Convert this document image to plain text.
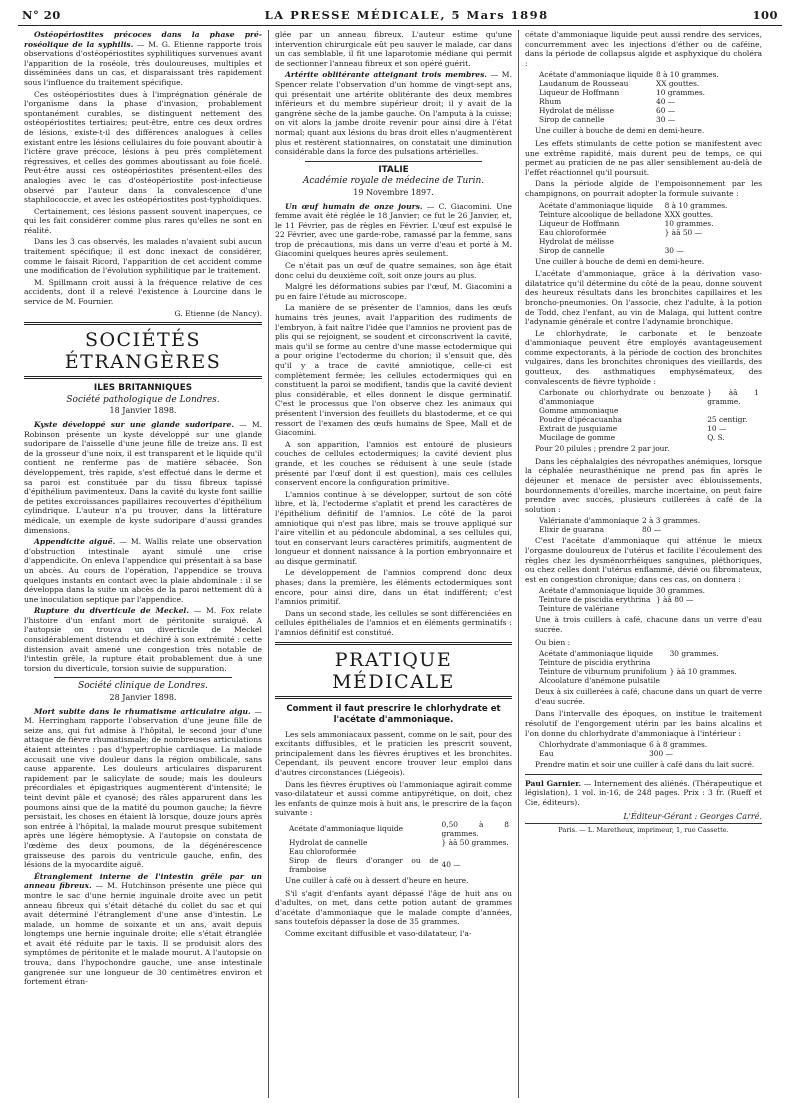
N° 20	LA PRESSE MÉDICALE, 5 Mars 1898	100

Ostéopériostites précoces dans la phase pré-roséolique de la syphilis. — M. G. Etienne rapporte trois observations d'ostéopériostites syphilitiques survenues avant l'apparition de la roséole, très douloureuses, multiples et disséminées dans un cas, et disparaissant très rapidement sous l'influence du traitement spécifique.

Ces ostéopériostites dues à l'imprégnation générale de l'organisme dans la phase d'invasion, probablement spontanément curables, se distinguent nettement des ostéopériostites tertiaires; peut-être, entre ces deux ordres de lésions, existe-t-il des différences analogues à celles existant entre les lésions cellulaires du foie pouvant aboutir à l'ictère grave précoce, lésions à peu près complètement régressives, et celles des gommes aboutissant au foie ficelé. Peut-être aussi ces ostéopériostites présentent-elles des analogies avec le cas d'ostéopériostite post-infectieuse observé par l'auteur dans la convalescence d'une staphilococcie, et avec les ostéopériostites post-typhoïdiques.

Certainement, ces lésions passent souvent inaperçues, ce qui les fait considérer comme plus rares qu'elles ne sont en réalité.

Dans les 3 cas observés, les malades n'avaient subi aucun traitement spécifique; il est donc inexact de considérer, comme le faisait Ricord, l'apparition de cet accident comme une modification de l'évolution syphilitique par le traitement.

M. Spillmann croit aussi à la fréquence relative de ces accidents, dont il a relevé l'existence à Lourcine dans le service de M. Fournier.

G. Etienne (de Nancy).

SOCIÉTÉS ÉTRANGÈRES
ILES BRITANNIQUES
Société pathologique de Londres.
18 Janvier 1898.

Kyste développé sur une glande sudoripare. — M. Robinson présente un kyste développé sur une glande sudoripare de l'aisselle d'une jeune fille de treize ans. Il est de la grosseur d'une noix, il est transparent et le liquide qu'il contient ne renferme pas de matière sébacée. Son développement, très rapide, s'est effectué dans le derme et sa paroi est constituée par du tissu fibreux tapissé d'épithélium pavimenteux. Dans la cavité du kyste font saillie de petites excroissances papillaires recouvertes d'épithélium cylindrique. L'auteur n'a pu trouver, dans la littérature médicale, un exemple de kyste sudoripare d'aussi grandes dimensions.

Appendicite aiguë. — M. Wallis relate une observation d'obstruction intestinale ayant simulé une crise d'appendicite. On enleva l'appendice qui présentait à sa base un abcès. Au cours de l'opération, l'appendice se trouva quelques instants en contact avec la plaie abdominale : il se développa dans la suite un abcès de la paroi nettement dû à une inoculation septique par l'appendice.

Rupture du diverticule de Meckel. — M. Fox relate l'histoire d'un enfant mort de péritonite suraiguë. A l'autopsie on trouva un diverticule de Meckel considérablement distendu et déchiré à son extrémité : cette distension avait amené une congestion très notable de l'intestin grêle, la rupture était probablement due à une torsion du diverticule, torsion suivie de suppuration.

Société clinique de Londres.
28 Janvier 1898.

Mort subite dans le rhumatisme articulaire aigu. — M. Herringham rapporte l'observation d'une jeune fille de seize ans, qui fut admise à l'hôpital, le second jour d'une attaque de fièvre rhumatismale; de nombreuses articulations étaient atteintes : pas d'hypertrophie cardiaque. La malade accusait une vive douleur dans la région ombilicale, sans cause apparente. Les douleurs articulaires disparurent rapidement par le salicylate de soude; mais les douleurs précordiales et épigastriques augmentèrent d'intensité; le teint devint pâle et cyanosé; des râles apparurent dans les poumons ainsi que de la matité du poumon gauche; la fièvre persistait, les choses en étaient là lorsque, douze jours après son entrée à l'hôpital, la malade mourut presque subitement après une légère hémoptysie. A l'autopsie on constata de l'œdème des deux poumons, de la dégénérescence graisseuse des parois du ventricule gauche, enfin, des lésions de la myocardite aiguë.

Étranglement interne de l'intestin grêle par un anneau fibreux. — M. Hutchinson présente une pièce qui montre le sac d'une hernie inguinale droite avec un petit anneau fibreux qui s'était détaché du collet du sac et qui avait déterminé l'étranglement d'une anse d'intestin. Le malade, un homme de soixante et un ans, avait depuis longtemps une hernie inguinale droite; elle s'était étranglée et avait été réduite par le taxis. Il se produisit alors des symptômes de péritonite et le malade mourut. A l'autopsie on trouva, dans l'hypochondre gauche, une anse intestinale gangrenée sur une longueur de 30 centimètres environ et fortement étran-

glée par un anneau fibreux. L'auteur estime qu'une intervention chirurgicale eût peu sauver le malade, car dans un cas semblable, il fit une laparotomie médiane qui permit de sectionner l'anneau fibreux et son opéré guérit.

Artérite oblitérante atteignant trois membres. — M. Spencer relate l'observation d'un homme de vingt-sept ans, qui présentait une artérite oblitérante des deux membres inférieurs et du membre supérieur droit; il y avait de la gangrène sèche de la jambe gauche. On l'amputa à la cuisse; on vit alors la jambe droite revenir pour ainsi dire à l'état normal; quant aux lésions du bras droit elles n'augmentèrent plus et restèrent stationnaires, on constatait une diminution considérable dans la force des pulsations artérielles.

ITALIE
Académie royale de médecine de Turin.
19 Novembre 1897.

Un œuf humain de onze jours. — C. Giacomini. Une femme avait été réglée le 18 Janvier; ce fut le 26 Janvier, et, le 11 Février, pas de règles en Février. L'œuf est expulsé le 22 Février, avec une garde-robe, ramassé par la femme, sans trop de précautions, mis dans un verre d'eau et porté à M. Giacomini quelques heures après seulement.

Ce n'était pas un œuf de quatre semaines, son âge était donc celui du deuxième coït, soit onze jours au plus.

Malgré les déformations subies par l'œuf, M. Giacomini a pu en faire l'étude au microscope.

La manière de se présenter de l'amnios, dans les œufs humains très jeunes, avait l'apparition des rudiments de l'embryon, à fait naître l'idée que l'amnios ne provient pas de plis qui se rejoignent, se soudent et circonscrivent la cavité, mais qu'il se forme au centre d'une masse ectodermique qui a pour origine l'ectoderme du chorion; il s'ensuit que, dès qu'il y a trace de cavité amniotique, celle-ci est complètement fermée; les cellules ectodermiques qui en constituent la paroi se modifient, tandis que la cavité devient plus considérable, et elles donnent le disque germinatif. C'est le processus que l'on observe chez les animaux qui présentent l'inversion des feuillets du blastoderme, et ce qui ressort de l'examen des œufs humains de Spee, Mall et de Giacomini.

A son apparition, l'amnios est entouré de plusieurs couches de cellules ectodermiques; la cavité devient plus grande, et les couches se réduisent à une seule (stade présenté par l'œuf dont il est question), mais ces cellules conservent encore la configuration primitive.

L'amnios continue à se développer, surtout de son côté libre, et là, l'ectoderme s'aplatit et prend les caractères de l'épithélium définitif de l'amnios. Le côté de la paroi amniotique qui n'est pas libre, mais se trouve appliqué sur l'aire vitellin et au pédoncule abdominal, a ses cellules qui, tout en conservant leurs caractères primitifs, augmentent de longueur et donnent naissance à la portion embryonnaire et au disque germinatif.

Le développement de l'amnios comprend donc deux phases; dans la première, les éléments ectodermiques sont encore, pour ainsi dire, dans un état indifférent; c'est l'amnios primitif.

Dans un second stade, les cellules se sont différenciées en cellules épithéliales de l'amnios et en éléments germinatifs : l'amnios définitif est constitué.

PRATIQUE MÉDICALE
Comment il faut prescrire le chlorhydrate et l'acétate d'ammoniaque.

Les sels ammoniacaux passent, comme on le sait, pour des excitants diffusibles, et le praticien les prescrit souvent, principalement dans les fièvres éruptives et les bronchites. Cependant, ils peuvent encore trouver leur emploi dans d'autres circonstances (Liégeois).

Dans les fièvres éruptives où l'ammoniaque agirait comme vaso-dilatateur et aussi comme antipyrétique, on doit, chez les enfants de quinze mois à huit ans, le prescrire de la façon suivante :

Acétate d'ammoniaque liquide	0,50 à 8 grammes.
Hydrolat de cannelle	} àâ 50 grammes.
Eau chloroformée	
Sirop de fleurs d'oranger ou de framboise	40 —

Une cuiller à café ou à dessert d'heure en heure.

S'il s'agit d'enfants ayant dépassé l'âge de huit ans ou d'adultes, on met, dans cette potion autant de grammes d'acétate d'ammoniaque que le malade compte d'années, sans toutefois dépasser la dose de 35 grammes.

Comme excitant diffusible et vaso-dilatateur, l'a-

cétate d'ammoniaque liquide peut aussi rendre des services, concurremment avec les injections d'éther ou de caféine, dans la période de collapsus algide et asphyxique du choléra :

Acétate d'ammoniaque liquide	8 à 10 grammes.
Laudanum de Rousseau	XX gouttes.
Liqueur de Hoffmann	10 grammes.
Rhum	40 —
Hydrolat de mélisse	60 —
Sirop de cannelle	30 —

Une cuiller à bouche de demi en demi-heure.

Les effets stimulants de cette potion se manifestent avec une extrême rapidité, mais durent peu de temps, ce qui permet au praticien de ne pas aller sensiblement au-delà de l'effet réactionnel qu'il poursuit.

Dans la période algide de l'empoisonnement par les champignons, on pourrait adopter la formule suivante :

Acétate d'ammoniaque liquide	8 à 10 grammes.
Teinture alcoolique de belladone	XXX gouttes.
Liqueur de Hoffmann	10 grammes.
Eau chloroformée	} àâ 50 —
Hydrolat de mélisse	
Sirop de cannelle	30 —

Une cuiller à bouche de demi en demi-heure.

L'acétate d'ammoniaque, grâce à la dérivation vaso-dilatatrice qu'il détermine du côté de la peau, donne souvent des heureux résultats dans les bronchites capillaires et les broncho-pneumonies. On l'associe, chez l'adulte, à la potion de Todd, chez l'enfant, au vin de Malaga, qui luttent contre l'adynamie générale et contre l'adynamie bronchique.

Le chlorhydrate, le carbonate et le benzoate d'ammoniaque peuvent être employés avantageusement comme expectorants, à la période de coction des bronchites vulgaires, dans les bronchites chroniques des vieillards, des goutteux, des asthmatiques emphysémateux, des convalescents de fièvre typhoïde :

Carbonate ou chlorhydrate ou benzoate d'ammoniaque	} àâ 1 gramme.
Gomme ammoniaque	
Poudre d'ipécacuanha	25 centigr.
Extrait de jusquiame	10 —
Mucilage de gomme	Q. S.

Pour 20 pilules ; prendre 2 par jour.

Dans les céphalalgies des névropathes anémiques, lorsque la céphalée neurasthénique ne prend pas fin après le déjeuner et menace de persister avec éblouissements, bourdonnements d'oreilles, marche incertaine, on peut faire prendre avec succès, plusieurs cuillerées à café de la solution :

Valérianate d'ammoniaque	2 à 3 grammes.
Elixir de guarana	80 —

C'est l'acétate d'ammoniaque qui atténue le mieux l'orgasme douloureux de l'utérus et facilite l'écoulement des règles chez les dysménorrhéiques sanguines, pléthoriques, ou chez celles dont l'utérus enflammé, dévié ou fibromateux, est en congestion chronique; dans ces cas, on donnera :

Acétate d'ammoniaque liquide	30 grammes.
Teinture de piscidia erythrina	} àâ 80 —
Teinture de valériane	

Une à trois cuillers à café, chacune dans un verre d'eau sucrée.

Ou bien :

Acétate d'ammoniaque liquide	30 grammes.
Teinture de piscidia erythrina	
Teinture de viburnum prunifolium	} àâ 10 grammes.
Alcoolature d'anémone pulsatile	

Deux à six cuillerées à café, chacune dans un quart de verre d'eau sucrée.

Dans l'intervalle des époques, on institue le traitement résolutif de l'engorgement utérin par les bains alcalins et l'on donne du chlorhydrate d'ammoniaque à l'intérieur :

Chlorhydrate d'ammoniaque	6 à 8 grammes.
Eau	300 —

Prendre matin et soir une cuiller à café dans du lait sucré.

Paul Garnier. — Internement des aliénés. (Thérapeutique et législation), 1 vol. in-16, de 248 pages. Prix : 3 fr. (Rueff et Cie, éditeurs).

L'Éditeur-Gérant : Georges Carré.

Paris. — L. Maretheux, imprimeur, 1, rue Cassette.
